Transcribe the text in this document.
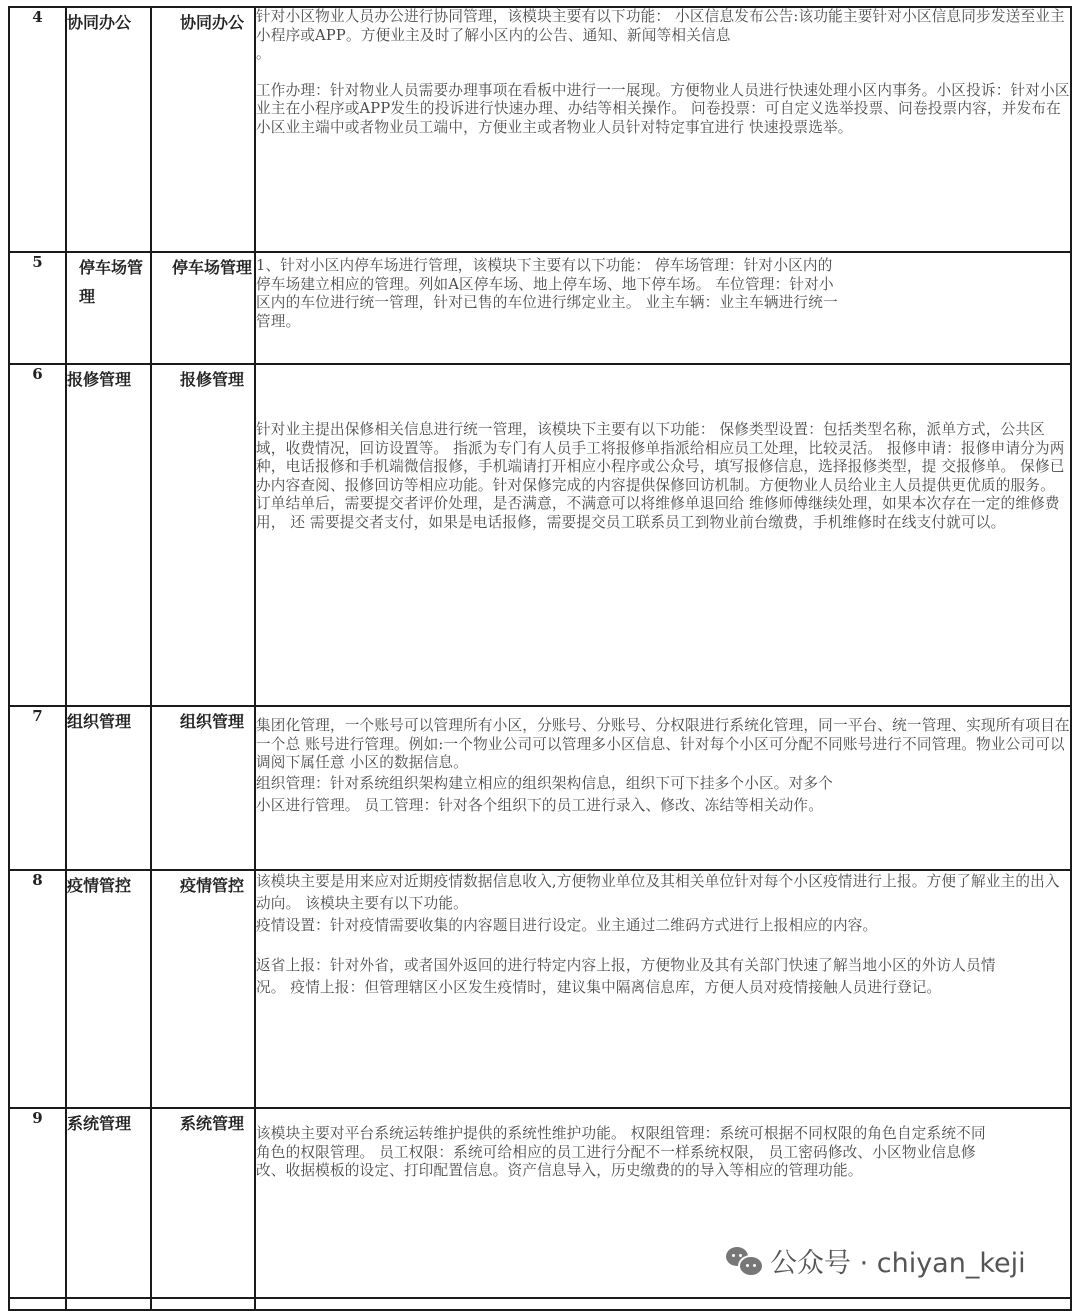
4	协同办公	协同办公	针对小区物业人员办公进行协同管理，该模块主要有以下功能： 小区信息发布公告:该功能主要针对小区信息同步发送至业主小程序或APP。方便业主及时了解小区内的公告、通知、新闻等相关信息

。

工作办理：针对物业人员需要办理事项在看板中进行一一展现。方便物业人员进行快速处理小区内事务。小区投诉：针对小区业主在小程序或APP发生的投诉进行快速办理、办结等相关操作。 问卷投票：可自定义选举投票、问卷投票内容，并发布在小区业主端中或者物业员工端中，方便业主或者物业人员针对特定事宜进行 快速投票选举。

5	停车场管理	停车场管理	1、针对小区内停车场进行管理，该模块下主要有以下功能： 停车场管理：针对小区内的停车场建立相应的管理。列如A区停车场、地上停车场、地下停车场。 车位管理：针对小区内的车位进行统一管理，针对已售的车位进行绑定业主。 业主车辆：业主车辆进行统一管理。

6	报修管理	报修管理	针对业主提出保修相关信息进行统一管理，该模块下主要有以下功能： 保修类型设置：包括类型名称，派单方式，公共区域，收费情况，回访设置等。 指派为专门有人员手工将报修单指派给相应员工处理，比较灵活。 报修申请：报修申请分为两种，电话报修和手机端微信报修，手机端请打开相应小程序或公众号，填写报修信息，选择报修类型，提 交报修单。 保修已办内容查阅、报修回访等相应功能。针对保修完成的内容提供保修回访机制。方便物业人员给业主人员提供更优质的服务。 订单结单后，需要提交者评价处理，是否满意，不满意可以将维修单退回给 维修师傅继续处理，如果本次存在一定的维修费用， 还 需要提交者支付，如果是电话报修，需要提交员工联系员工到物业前台缴费，手机维修时在线支付就可以。

7	组织管理	组织管理	集团化管理，一个账号可以管理所有小区，分账号、分账号、分权限进行系统化管理，同一平台、统一管理、实现所有项目在一个总 账号进行管理。例如:一个物业公司可以管理多小区信息、针对每个小区可分配不同账号进行不同管理。物业公司可以调阅下属任意 小区的数据信息。

组织管理：针对系统组织架构建立相应的组织架构信息，组织下可下挂多个小区。对多个小区进行管理。 员工管理：针对各个组织下的员工进行录入、修改、冻结等相关动作。

8	疫情管控	疫情管控	该模块主要是用来应对近期疫情数据信息收入,方便物业单位及其相关单位针对每个小区疫情进行上报。方便了解业主的出入动向。 该模块主要有以下功能。

疫情设置：针对疫情需要收集的内容题目进行设定。业主通过二维码方式进行上报相应的内容。

返省上报：针对外省，或者国外返回的进行特定内容上报，方便物业及其有关部门快速了解当地小区的外访人员情况。 疫情上报：但管理辖区小区发生疫情时，建议集中隔离信息库，方便人员对疫情接触人员进行登记。

9	系统管理	系统管理	该模块主要对平台系统运转维护提供的系统性维护功能。 权限组管理：系统可根据不同权限的角色自定系统不同角色的权限管理。 员工权限：系统可给相应的员工进行分配不一样系统权限， 员工密码修改、小区物业信息修改、收据模板的设定、打印配置信息。资产信息导入，历史缴费的的导入等相应的管理功能。

公众号 · chiyan_keji
